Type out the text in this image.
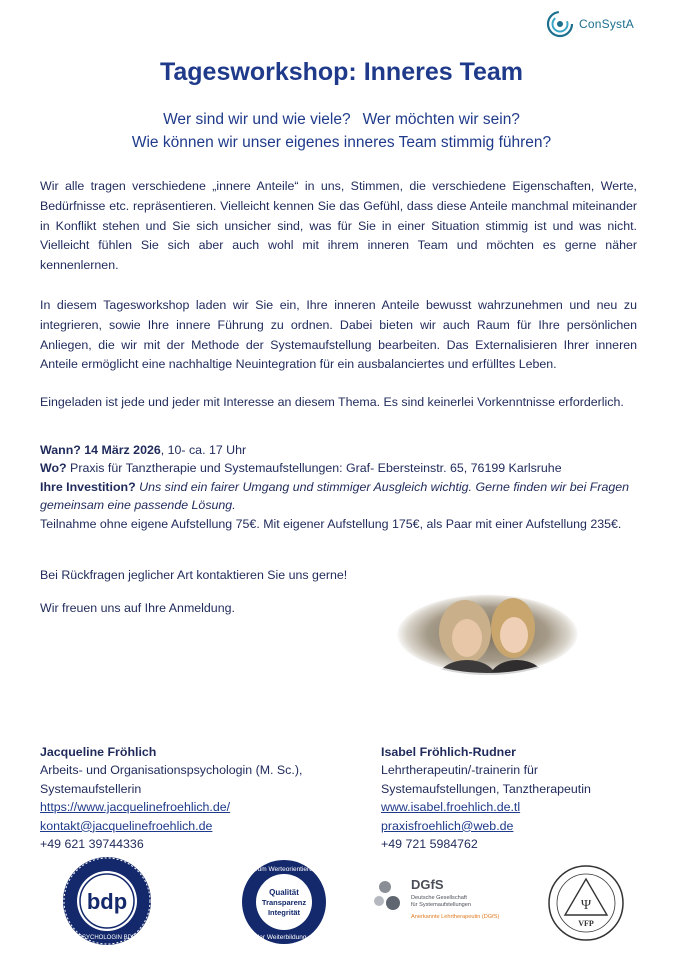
ConSystA
Tagesworkshop: Inneres Team
Wer sind wir und wie viele? Wer möchten wir sein?
Wie können wir unser eigenes inneres Team stimmig führen?
Wir alle tragen verschiedene „innere Anteile“ in uns, Stimmen, die verschiedene Eigenschaften, Werte, Bedürfnisse etc. repräsentieren. Vielleicht kennen Sie das Gefühl, dass diese Anteile manchmal miteinander in Konflikt stehen und Sie sich unsicher sind, was für Sie in einer Situation stimmig ist und was nicht. Vielleicht fühlen Sie sich aber auch wohl mit ihrem inneren Team und möchten es gerne näher kennenlernen.
In diesem Tagesworkshop laden wir Sie ein, Ihre inneren Anteile bewusst wahrzunehmen und neu zu integrieren, sowie Ihre innere Führung zu ordnen. Dabei bieten wir auch Raum für Ihre persönlichen Anliegen, die wir mit der Methode der Systemaufstellung bearbeiten. Das Externalisieren Ihrer inneren Anteile ermöglicht eine nachhaltige Neuintegration für ein ausbalanciertes und erfülltes Leben.
Eingeladen ist jede und jeder mit Interesse an diesem Thema. Es sind keinerlei Vorkenntnisse erforderlich.
Wann? 14 März 2026, 10- ca. 17 Uhr
Wo? Praxis für Tanztherapie und Systemaufstellungen: Graf- Ebersteinstr. 65, 76199 Karlsruhe
Ihre Investition? Uns sind ein fairer Umgang und stimmiger Ausgleich wichtig. Gerne finden wir bei Fragen gemeinsam eine passende Lösung.
Teilnahme ohne eigene Aufstellung 75€. Mit eigener Aufstellung 175€, als Paar mit einer Aufstellung 235€.
Bei Rückfragen jeglicher Art kontaktieren Sie uns gerne!
Wir freuen uns auf Ihre Anmeldung.
Jacqueline Fröhlich
Arbeits- und Organisationspsychologin (M. Sc.),
Systemaufstellerin
https://www.jacquelinefroehlich.de/
kontakt@jacquelinefroehlich.de
+49 621 39744336
Isabel Fröhlich-Rudner
Lehrtherapeutin/-trainerin für
Systemaufstellungen, Tanztherapeutin
www.isabel.froehlich.de.tl
praxisfroehlich@web.de
+49 721 5984762
bdp
PSYCHOLOGIN BDP
Forum Werteorientierung
Qualität
Transparenz
Integrität
in der Weiterbildung e.V.
DGfS
Deutsche Gesellschaft
für Systemaufstellungen
Anerkannte Lehrtherapeutin (DGfS)
Ψ
VFP
